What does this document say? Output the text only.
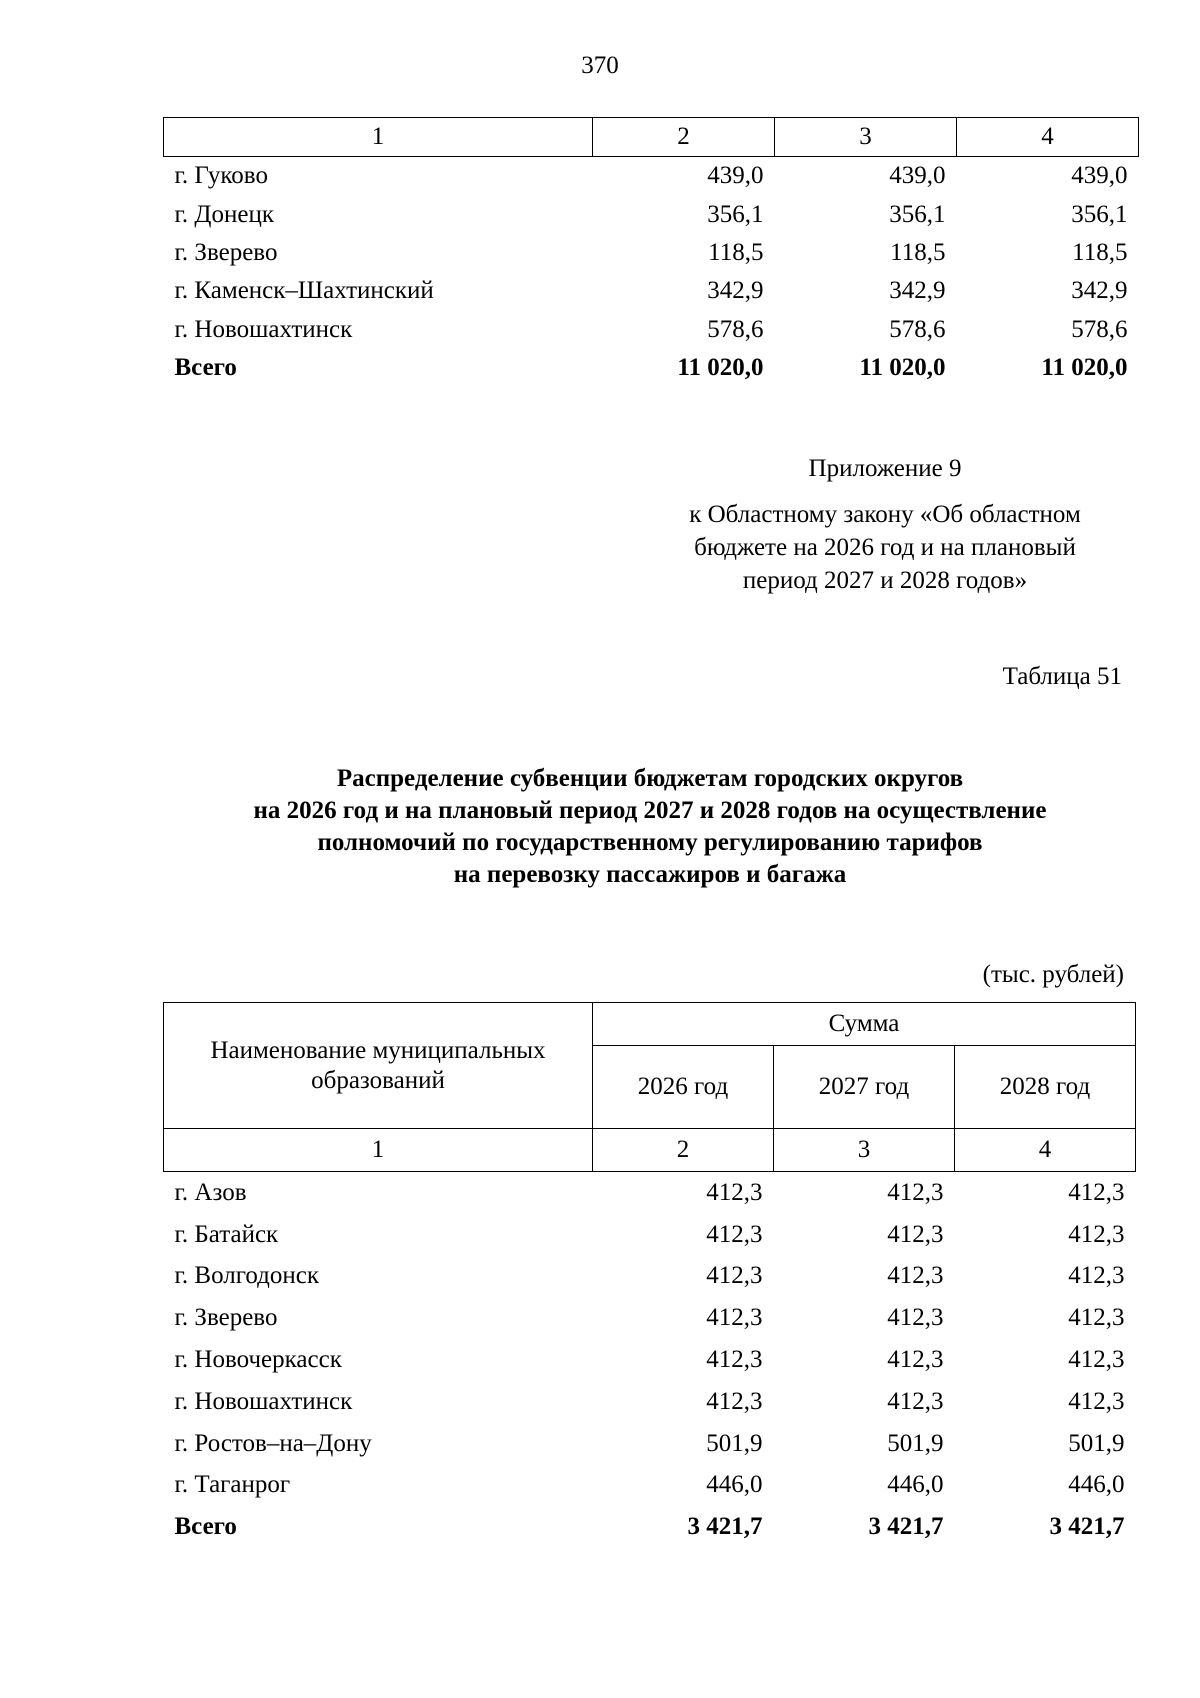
370
1	2	3	4
г. Гуково	439,0	439,0	439,0
г. Донецк	356,1	356,1	356,1
г. Зверево	118,5	118,5	118,5
г. Каменск–Шахтинский	342,9	342,9	342,9
г. Новошахтинск	578,6	578,6	578,6
Всего	11 020,0	11 020,0	11 020,0
Приложение 9
к Областному закону «Об областном
бюджете на 2026 год и на плановый
период 2027 и 2028 годов»
Таблица 51
Распределение субвенции бюджетам городских округов
на 2026 год и на плановый период 2027 и 2028 годов на осуществление
полномочий по государственному регулированию тарифов
на перевозку пассажиров и багажа
(тыс. рублей)
Наименование муниципальных
образований	Сумма		
	2026 год	2027 год	2028 год
1	2	3	4
г. Азов	412,3	412,3	412,3
г. Батайск	412,3	412,3	412,3
г. Волгодонск	412,3	412,3	412,3
г. Зверево	412,3	412,3	412,3
г. Новочеркасск	412,3	412,3	412,3
г. Новошахтинск	412,3	412,3	412,3
г. Ростов–на–Дону	501,9	501,9	501,9
г. Таганрог	446,0	446,0	446,0
Всего	3 421,7	3 421,7	3 421,7
